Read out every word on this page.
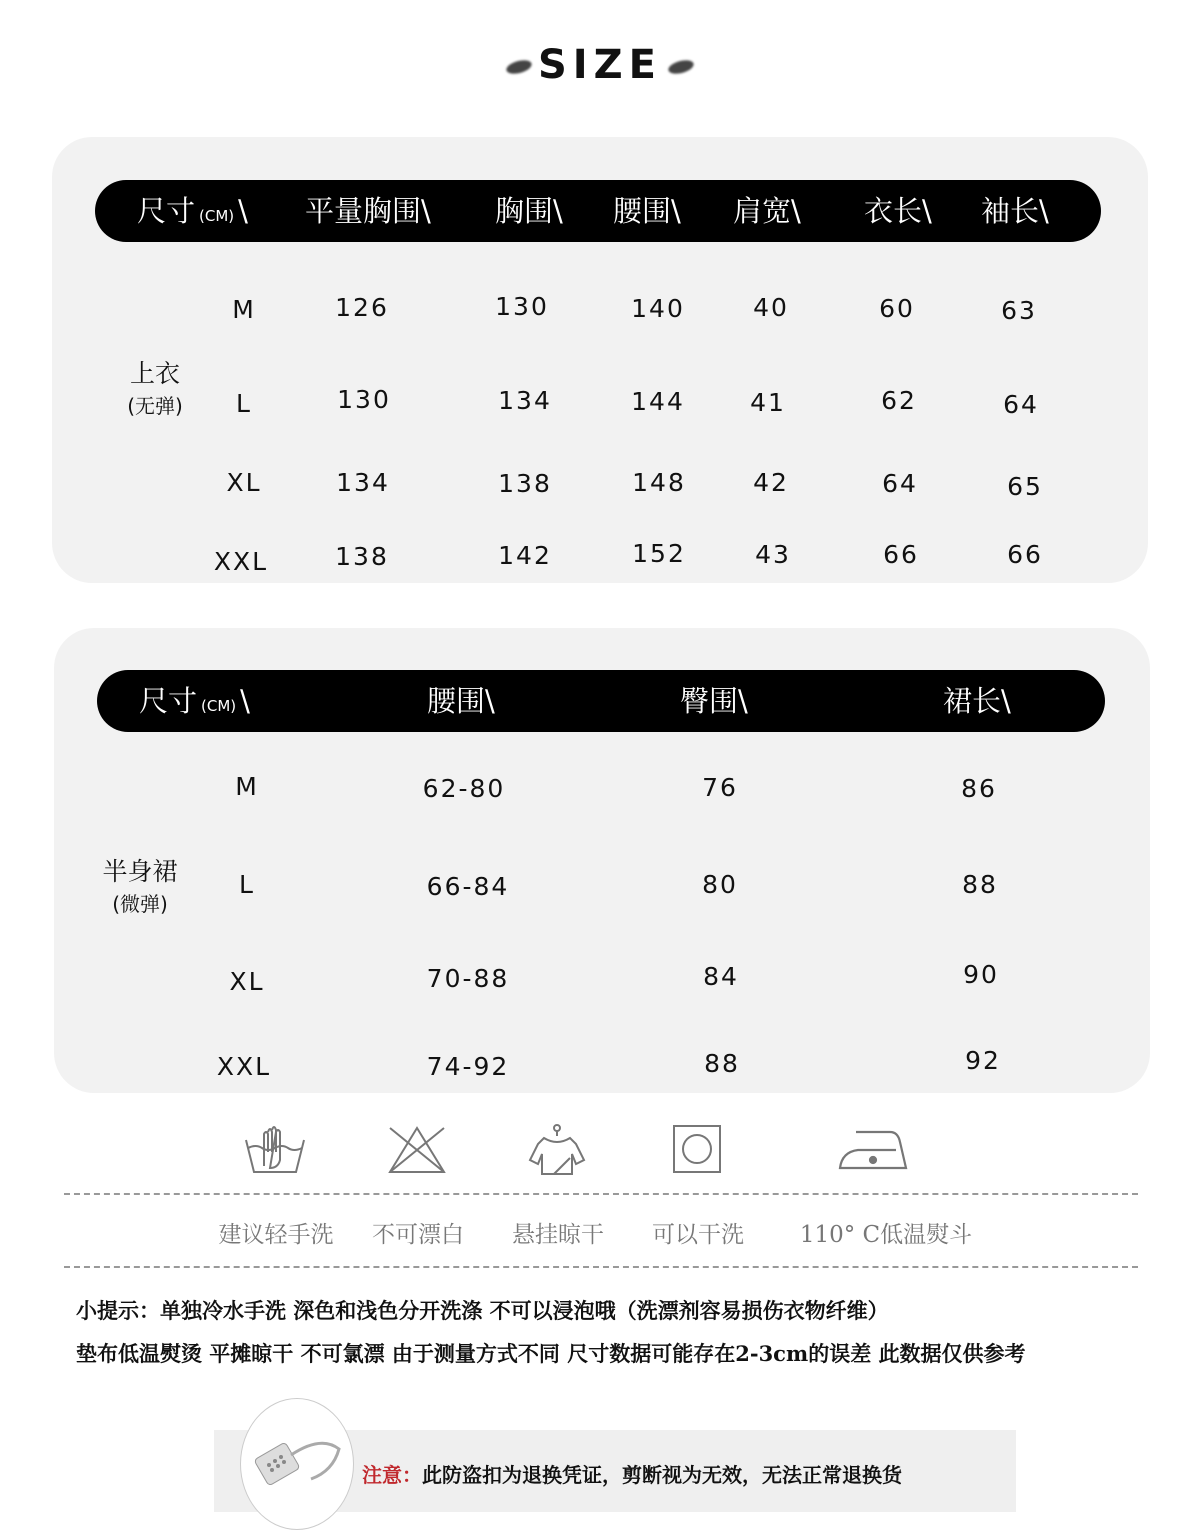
SIZE
尺寸 (CM) \ 平量胸围\ 胸围\ 腰围\ 肩宽\ 衣长\ 袖长\
上衣
(无弹)
M	126	130	140	40	60	63
L	130	134	144	41	62	64
XL	134	138	148	42	64	65
XXL	138	142	152	43	66	66
尺寸 (CM) \	腰围\	臀围\	裙长\
半身裙
(微弹)
M	62-80	76	86
L	66-84	80	88
XL	70-88	84	90
XXL	74-92	88	92
建议轻手洗 不可漂白 悬挂晾干 可以干洗 110° C低温熨斗
小提示：单独冷水手洗 深色和浅色分开洗涤 不可以浸泡哦（洗漂剂容易损伤衣物纤维）
垫布低温熨烫 平摊晾干 不可氯漂 由于测量方式不同 尺寸数据可能存在2-3cm的误差 此数据仅供参考
注意：此防盗扣为退换凭证，剪断视为无效，无法正常退换货
